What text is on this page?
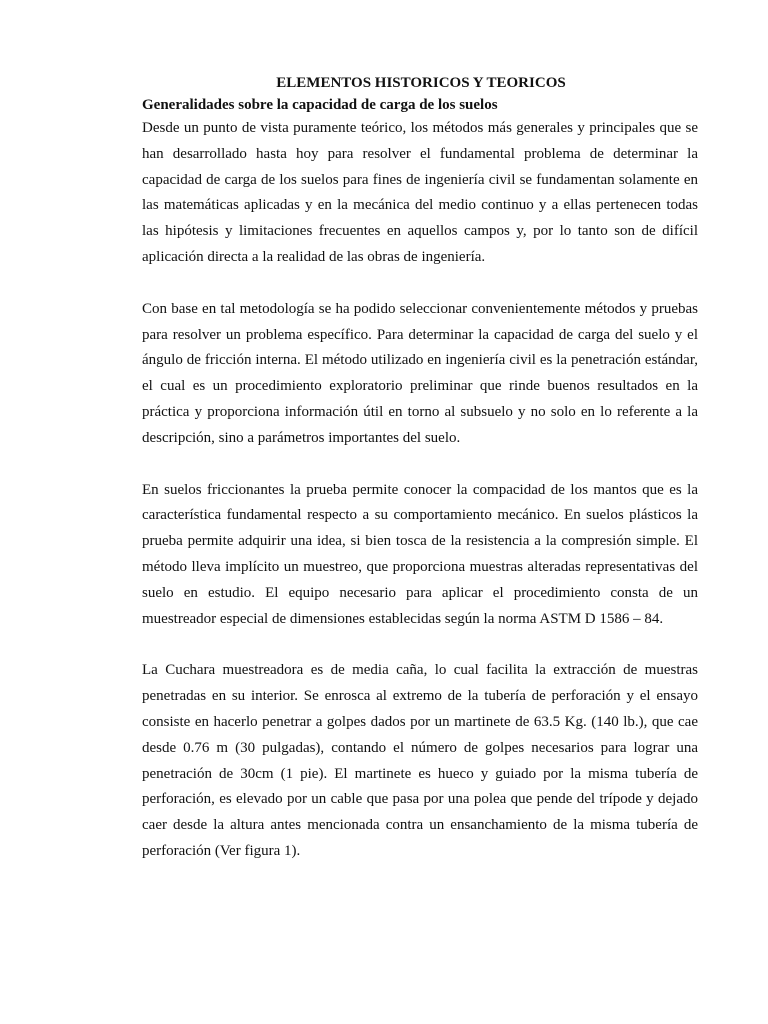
ELEMENTOS HISTORICOS Y TEORICOS

Generalidades sobre la capacidad de carga de los suelos

Desde un punto de vista puramente teórico, los métodos más generales y principales que se han desarrollado hasta hoy para resolver el fundamental problema de determinar la capacidad de carga de los suelos para fines de ingeniería civil se fundamentan solamente en las matemáticas aplicadas y en la mecánica del medio continuo y a ellas pertenecen todas las hipótesis y limitaciones frecuentes en aquellos campos y, por lo tanto son de difícil aplicación directa a la realidad de las obras de ingeniería.

Con base en tal metodología se ha podido seleccionar convenientemente métodos y pruebas para resolver un problema específico. Para determinar la capacidad de carga del suelo y el ángulo de fricción interna. El método utilizado en ingeniería civil es la penetración estándar, el cual es un procedimiento exploratorio preliminar que rinde buenos resultados en la práctica y proporciona información útil en torno al subsuelo y no solo en lo referente a la descripción, sino a parámetros importantes del suelo.

En suelos friccionantes la prueba permite conocer la compacidad de los mantos que es la característica fundamental respecto a su comportamiento mecánico. En suelos plásticos la prueba permite adquirir una idea, si bien tosca de la resistencia a la compresión simple. El método lleva implícito un muestreo, que proporciona muestras alteradas representativas del suelo en estudio. El equipo necesario para aplicar el procedimiento consta de un muestreador especial de dimensiones establecidas según la norma ASTM D 1586 – 84.

La Cuchara muestreadora es de media caña, lo cual facilita la extracción de muestras penetradas en su interior. Se enrosca al extremo de la tubería de perforación y el ensayo consiste en hacerlo penetrar a golpes dados por un martinete de 63.5 Kg. (140 lb.), que cae desde 0.76 m (30 pulgadas), contando el número de golpes necesarios para lograr una penetración de 30cm (1 pie). El martinete es hueco y guiado por la misma tubería de perforación, es elevado por un cable que pasa por una polea que pende del trípode y dejado caer desde la altura antes mencionada contra un ensanchamiento de la misma tubería de perforación (Ver figura 1).
